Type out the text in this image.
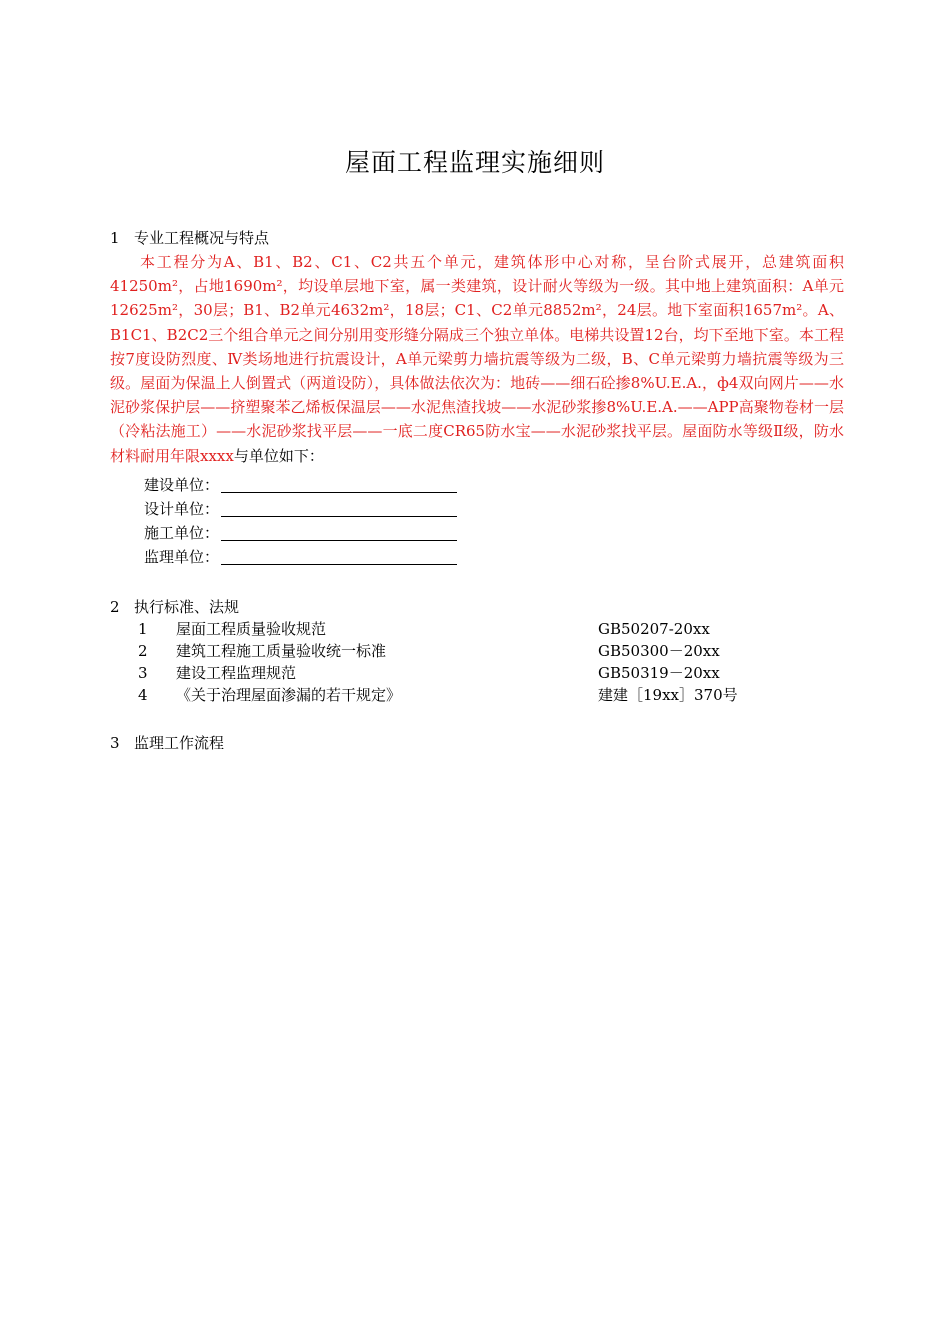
屋面工程监理实施细则
1 专业工程概况与特点
本工程分为A、B1、B2、C1、C2共五个单元，建筑体形中心对称，呈台阶式展开，总建筑面积41250m²，占地1690m²，均设单层地下室，属一类建筑，设计耐火等级为一级。其中地上建筑面积：A单元12625m²，30层；B1、B2单元4632m²，18层；C1、C2单元8852m²，24层。地下室面积1657m²。A、B1C1、B2C2三个组合单元之间分别用变形缝分隔成三个独立单体。电梯共设置12台，均下至地下室。本工程按7度设防烈度、Ⅳ类场地进行抗震设计，A单元梁剪力墙抗震等级为二级，B、C单元梁剪力墙抗震等级为三级。屋面为保温上人倒置式（两道设防），具体做法依次为：地砖——细石砼掺8%U.E.A.，ф4双向网片——水泥砂浆保护层——挤塑聚苯乙烯板保温层——水泥焦渣找坡——水泥砂浆掺8%U.E.A.——APP高聚物卷材一层（冷粘法施工）——水泥砂浆找平层——一底二度CR65防水宝——水泥砂浆找平层。屋面防水等级Ⅱ级，防水材料耐用年限xxxx与单位如下：
建设单位：
设计单位：
施工单位：
监理单位：
2 执行标准、法规
1	屋面工程质量验收规范	GB50207-20xx
2	建筑工程施工质量验收统一标准	GB50300－20xx
3	建设工程监理规范	GB50319－20xx
4	《关于治理屋面渗漏的若干规定》	建建［19xx］370号
3 监理工作流程
